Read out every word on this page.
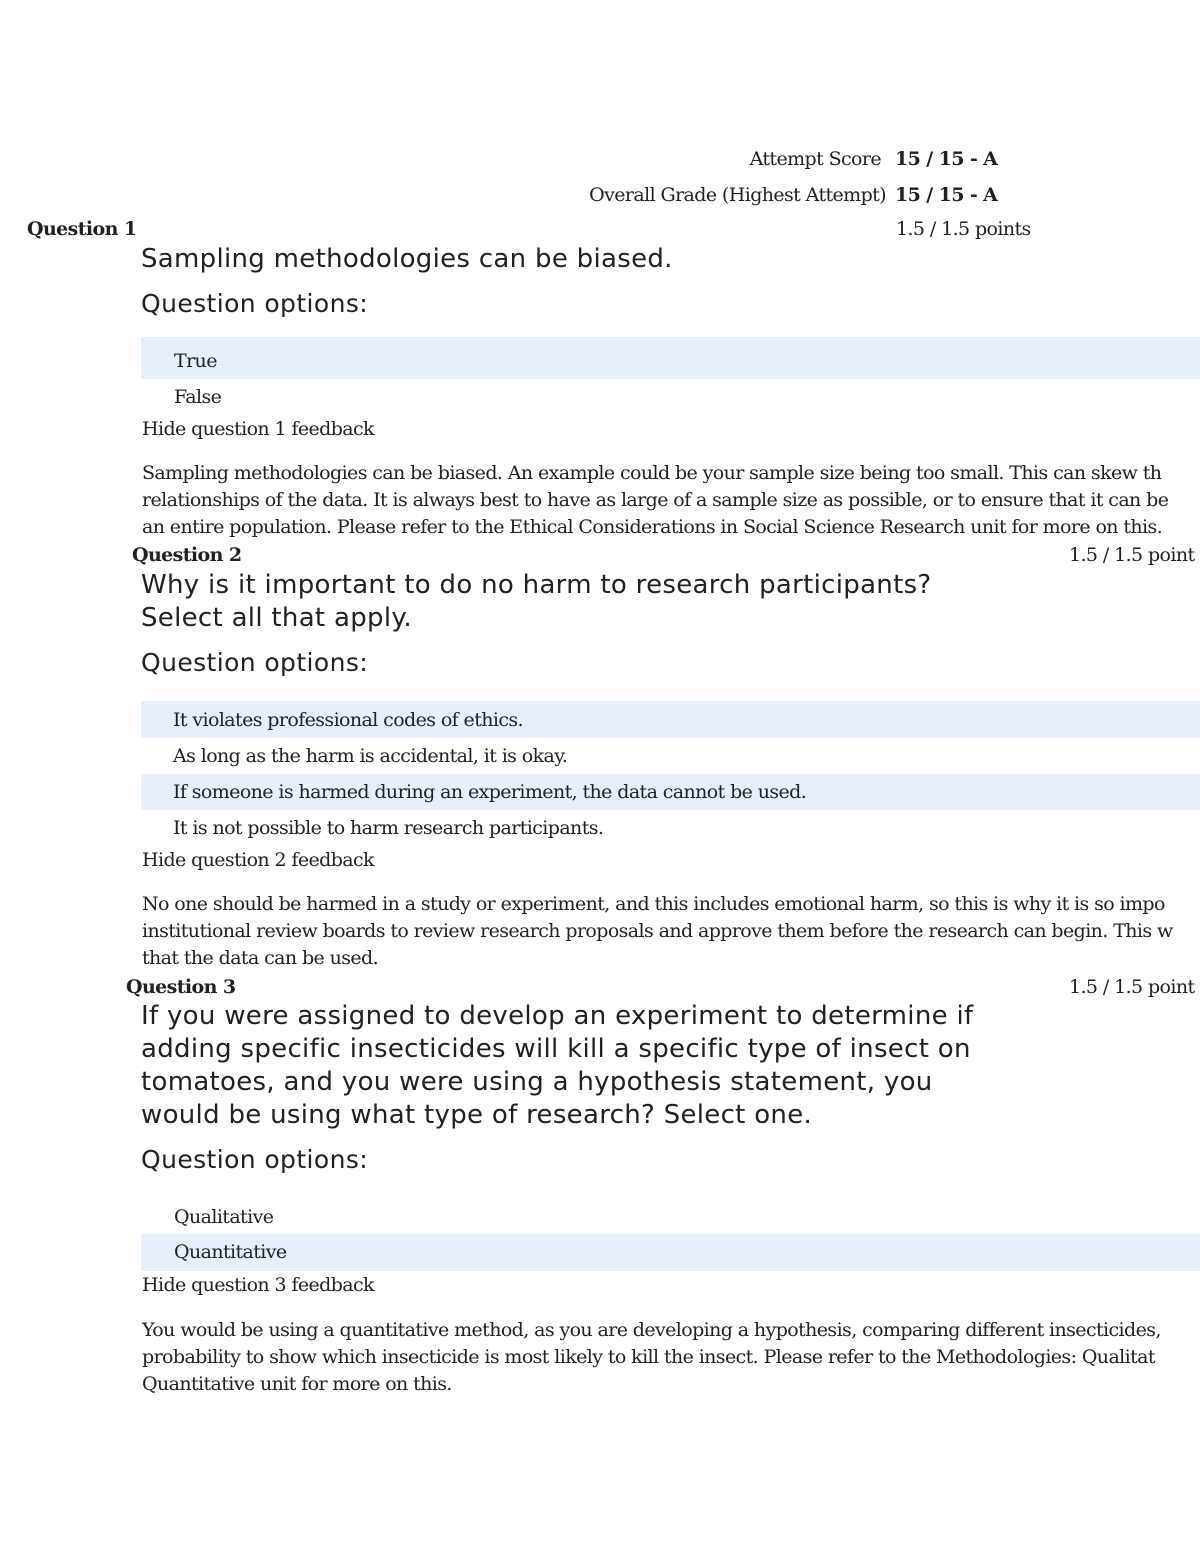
Attempt Score 15 / 15 - A
Overall Grade (Highest Attempt) 15 / 15 - A
Question 1	1.5 / 1.5 points
Sampling methodologies can be biased.
Question options:
True
False
Hide question 1 feedback
Sampling methodologies can be biased. An example could be your sample size being too small. This can skew th
relationships of the data. It is always best to have as large of a sample size as possible, or to ensure that it can be
an entire population. Please refer to the Ethical Considerations in Social Science Research unit for more on this.
Question 2	1.5 / 1.5 point
Why is it important to do no harm to research participants?
Select all that apply.
Question options:
It violates professional codes of ethics.
As long as the harm is accidental, it is okay.
If someone is harmed during an experiment, the data cannot be used.
It is not possible to harm research participants.
Hide question 2 feedback
No one should be harmed in a study or experiment, and this includes emotional harm, so this is why it is so impo
institutional review boards to review research proposals and approve them before the research can begin. This w
that the data can be used.
Question 3	1.5 / 1.5 point
If you were assigned to develop an experiment to determine if
adding specific insecticides will kill a specific type of insect on
tomatoes, and you were using a hypothesis statement, you
would be using what type of research? Select one.
Question options:
Qualitative
Quantitative
Hide question 3 feedback
You would be using a quantitative method, as you are developing a hypothesis, comparing different insecticides,
probability to show which insecticide is most likely to kill the insect. Please refer to the Methodologies: Qualitat
Quantitative unit for more on this.
